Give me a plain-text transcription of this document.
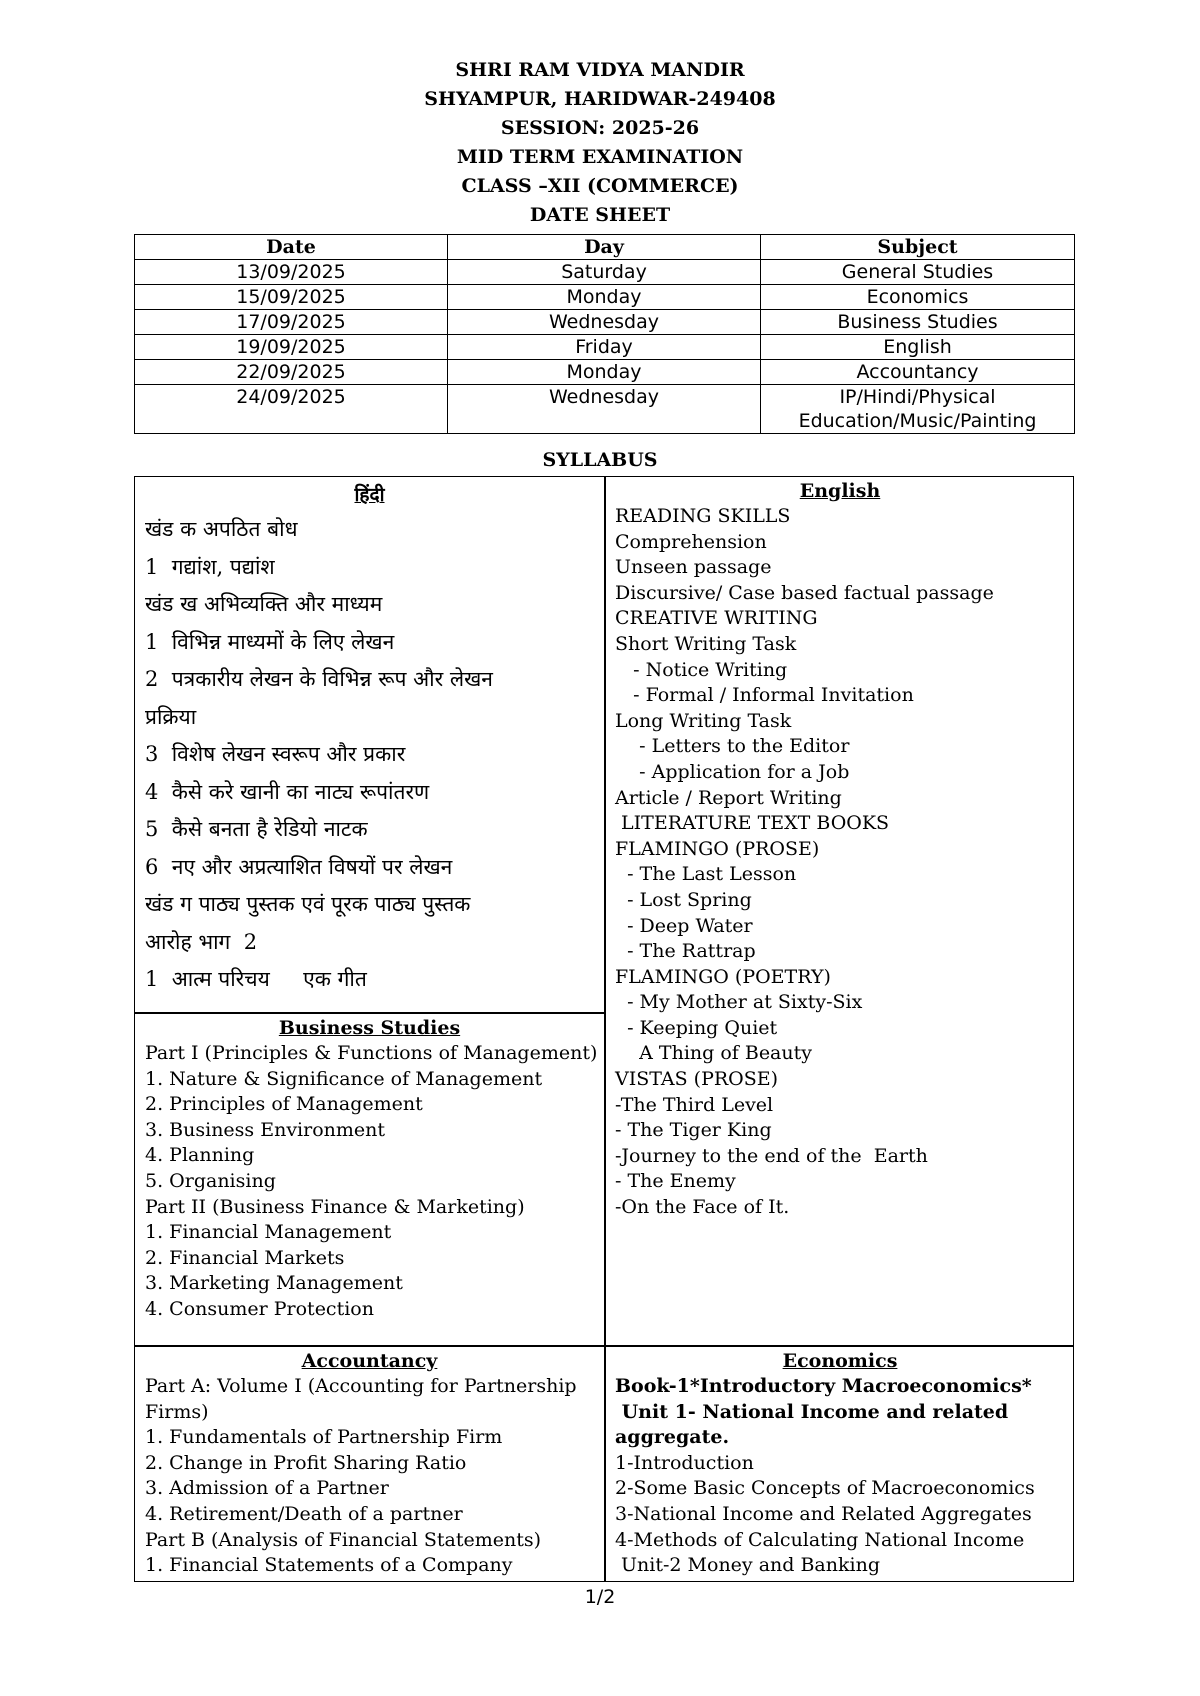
SHRI RAM VIDYA MANDIR
SHYAMPUR, HARIDWAR-249408
SESSION: 2025-26
MID TERM EXAMINATION
CLASS –XII (COMMERCE)
DATE SHEET
Date	Day	Subject
13/09/2025	Saturday	General Studies
15/09/2025	Monday	Economics
17/09/2025	Wednesday	Business Studies
19/09/2025	Friday	English
22/09/2025	Monday	Accountancy
24/09/2025	Wednesday	IP/Hindi/Physical Education/Music/Painting
SYLLABUS
हिंदी
खंड क अपठित बोध
1  गद्यांश, पद्यांश
खंड ख अभिव्यक्ति और माध्यम
1  विभिन्न माध्यमों के लिए लेखन
2  पत्रकारीय लेखन के विभिन्न रूप और लेखन
प्रक्रिया
3  विशेष लेखन स्वरूप और प्रकार
4  कैसे करे खानी का नाट्य रूपांतरण
5  कैसे बनता है रेडियो नाटक
6  नए और अप्रत्याशित विषयों पर लेखन
खंड ग पाठ्य पुस्तक एवं पूरक पाठ्य पुस्तक
आरोह भाग  2
1  आत्म परिचय     एक गीत
Business Studies
Part I (Principles & Functions of Management)
1. Nature & Significance of Management
2. Principles of Management
3. Business Environment
4. Planning
5. Organising
Part II (Business Finance & Marketing)
1. Financial Management
2. Financial Markets
3. Marketing Management
4. Consumer Protection
English
READING SKILLS
Comprehension
Unseen passage
Discursive/ Case based factual passage
CREATIVE WRITING
Short Writing Task
- Notice Writing
- Formal / Informal Invitation
Long Writing Task
- Letters to the Editor
- Application for a Job
Article / Report Writing
LITERATURE TEXT BOOKS
FLAMINGO (PROSE)
- The Last Lesson
- Lost Spring
- Deep Water
- The Rattrap
FLAMINGO (POETRY)
- My Mother at Sixty-Six
- Keeping Quiet
A Thing of Beauty
VISTAS (PROSE)
-The Third Level
- The Tiger King
-Journey to the end of the  Earth
- The Enemy
-On the Face of It.
Accountancy
Part A: Volume I (Accounting for Partnership
Firms)
1. Fundamentals of Partnership Firm
2. Change in Profit Sharing Ratio
3. Admission of a Partner
4. Retirement/Death of a partner
Part B (Analysis of Financial Statements)
1. Financial Statements of a Company
Economics
Book-1*Introductory Macroeconomics*
Unit 1- National Income and related
aggregate.
1-Introduction
2-Some Basic Concepts of Macroeconomics
3-National Income and Related Aggregates
4-Methods of Calculating National Income
Unit-2 Money and Banking
1/2
